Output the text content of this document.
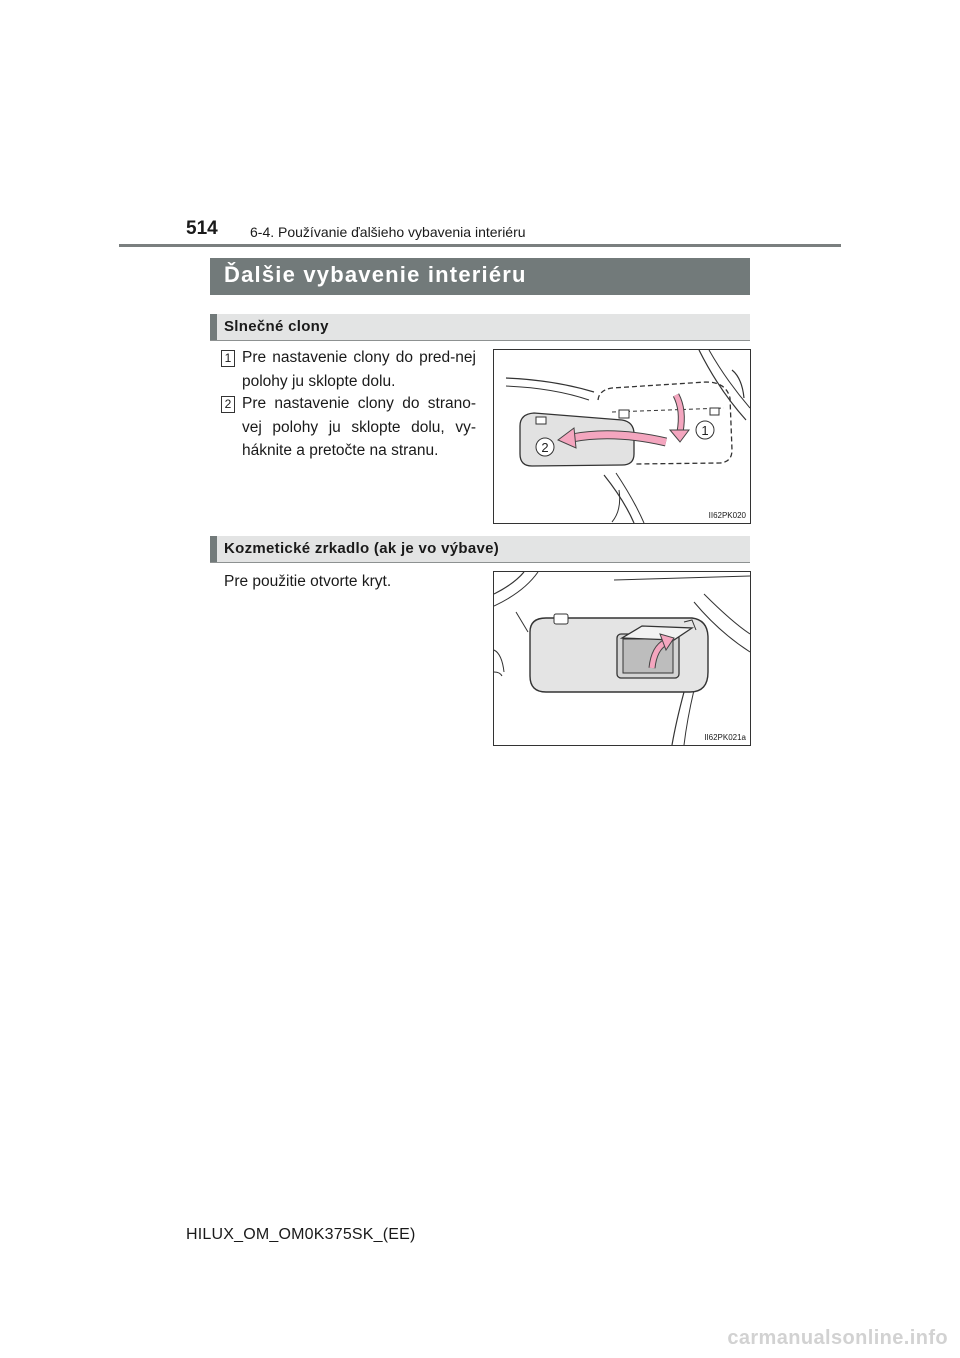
514 6-4. Používanie ďalšieho vybavenia interiéru
Ďalšie vybavenie interiéru
Slnečné clony
1 Pre nastavenie clony do pred-nej polohy ju sklopte dolu.
2 Pre nastavenie clony do strano-vej polohy ju sklopte dolu, vy-háknite a pretočte na stranu.
1
2
II62PK020
Kozmetické zrkadlo (ak je vo výbave)
Pre použitie otvorte kryt.
II62PK021a
HILUX_OM_OM0K375SK_(EE)
carmanualsonline.info
